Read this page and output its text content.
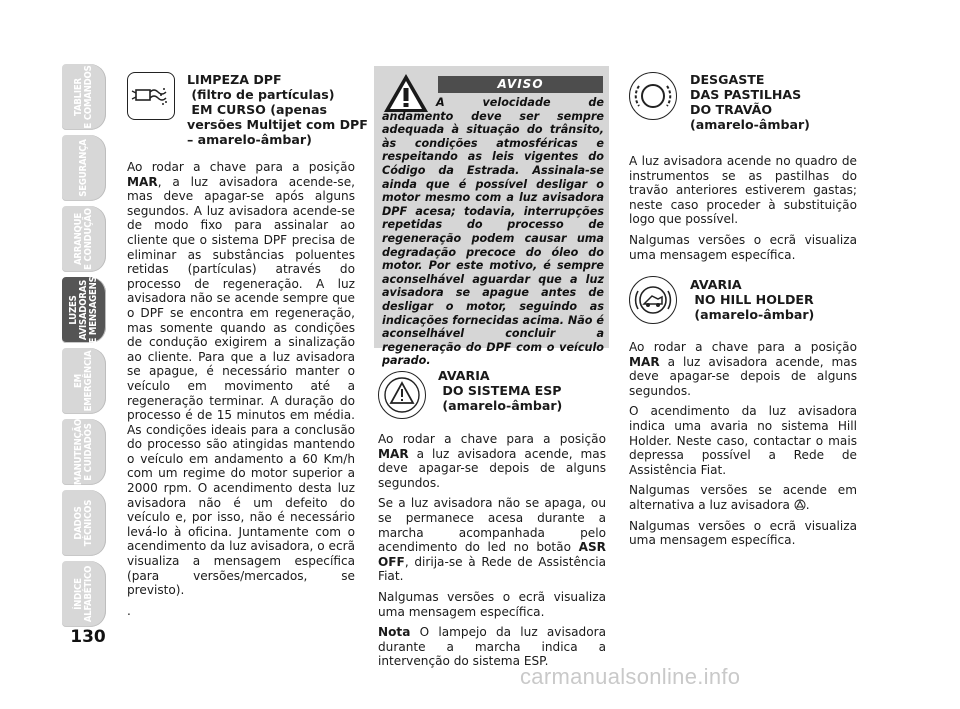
TABLIER
E COMANDOS
SEGURANÇA
ARRANQUE
E CONDUÇÃO
LUZES
AVISADORAS
E MENSAGENS
EM
EMERGÊNCIA
MANUTENÇÃO
E CUIDADOS
DADOS
TÉCNICOS
ÍNDICE
ALFABÉTICO
130
LIMPEZA DPF
(filtro de partículas)
EM CURSO (apenas
versões Multijet com DPF
– amarelo-âmbar)

Ao rodar a chave para a posição MAR, a luz avisadora acende-se, mas deve apagar-se após alguns segundos. A luz avisadora acende-se de modo fixo para assinalar ao cliente que o sistema DPF precisa de eliminar as substâncias poluentes retidas (partículas) através do processo de regeneração. A luz avisadora não se acende sempre que o DPF se encontra em regeneração, mas somente quando as condições de condução exigirem a sinalização ao cliente. Para que a luz avisadora se apague, é necessário manter o veículo em movimento até a regeneração terminar. A duração do processo é de 15 minutos em média. As condições ideais para a conclusão do processo são atingidas mantendo o veículo em andamento a 60 Km/h com um regime do motor superior a 2000 rpm. O acendimento desta luz avisadora não é um defeito do veículo e, por isso, não é necessário levá-lo à oficina. Juntamente com o acendimento da luz avisadora, o ecrã visualiza a mensagem específica (para versões/mercados, se previsto).

.

AVISO
A velocidade de andamento deve ser sempre adequada à situação do trânsito, às condições atmosféricas e respeitando as leis vigentes do Código da Estrada. Assinala-se ainda que é possível desligar o motor mesmo com a luz avisadora DPF acesa; todavia, interrupções repetidas do processo de regeneração podem causar uma degradação precoce do óleo do motor. Por este motivo, é sempre aconselhável aguardar que a luz avisadora se apague antes de desligar o motor, seguindo as indicações fornecidas acima. Não é aconselhável concluir a regeneração do DPF com o veículo parado.
AVARIA
DO SISTEMA ESP
(amarelo-âmbar)

Ao rodar a chave para a posição MAR a luz avisadora acende, mas deve apagar-se depois de alguns segundos.

Se a luz avisadora não se apaga, ou se permanece acesa durante a marcha acompanhada pelo acendimento do led no botão ASR OFF, dirija-se à Rede de Assistência Fiat.

Nalgumas versões o ecrã visualiza uma mensagem específica.

Nota O lampejo da luz avisadora durante a marcha indica a intervenção do sistema ESP.

DESGASTE
DAS PASTILHAS
DO TRAVÃO
(amarelo-âmbar)

A luz avisadora acende no quadro de instrumentos se as pastilhas do travão anteriores estiverem gastas; neste caso proceder à substituição logo que possível.

Nalgumas versões o ecrã visualiza uma mensagem específica.

AVARIA
NO HILL HOLDER
(amarelo-âmbar)

Ao rodar a chave para a posição MAR a luz avisadora acende, mas deve apagar-se depois de alguns segundos.

O acendimento da luz avisadora indica uma avaria no sistema Hill Holder. Neste caso, contactar o mais depressa possível a Rede de Assistência Fiat.

Nalgumas versões se acende em alternativa a luz avisadora .

Nalgumas versões o ecrã visualiza uma mensagem específica.

carmanualsonline.info
